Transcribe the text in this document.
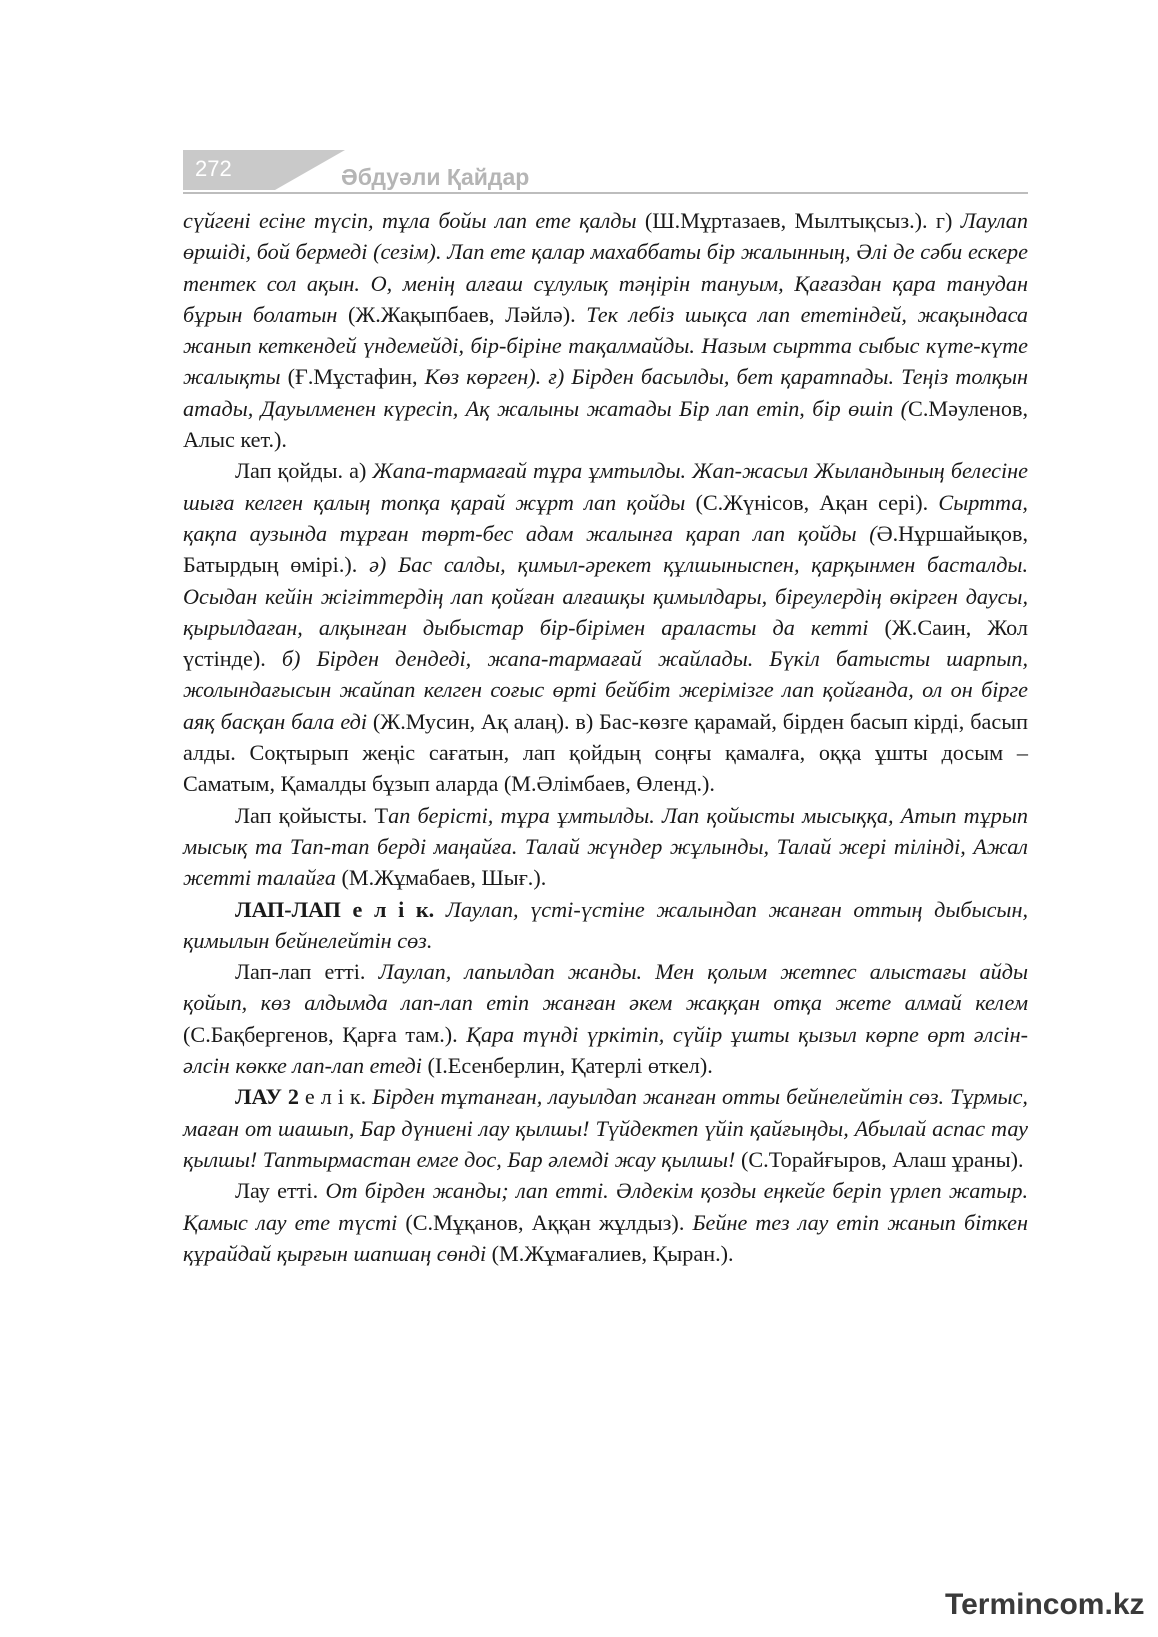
272	Әбдуәли Қайдар

сүйгені есіне түсіп, тұла бойы лап ете қалды (Ш.Мұртазаев, Мылтықсыз.). г) Лаулап өршіді, бой бермеді (сезім). Лап ете қалар махаббаты бір жалынның, Әлі де сәби ескере тентек сол ақын. О, менің алғаш сұлулық тәңірін тануым, Қағаздан қара танудан бұрын болатын (Ж.Жақыпбаев, Ләйлә). Тек лебіз шықса лап ететіндей, жақындаса жанып кеткендей үндемейді, бір-біріне тақалмайды. Назым сыртта сыбыс күте-күте жалықты (Ғ.Мұстафин, Көз көрген). ғ) Бірден басылды, бет қаратпады. Теңіз толқын атады, Дауылменен күресіп, Ақ жалыны жатады Бір лап етіп, бір өшіп (С.Мәуленов, Алыс кет.).

Лап қойды. а) Жапа-тармағай тұра ұмтылды. Жап-жасыл Жыландының белесіне шыға келген қалың топқа қарай жұрт лап қойды (С.Жүнісов, Ақан сері). Сыртта, қақпа аузында тұрған төрт-бес адам жалынға қарап лап қойды (Ә.Нұршайықов, Батырдың өмірі.). ә) Бас салды, қимыл-әрекет құлшыныспен, қарқынмен басталды. Осыдан кейін жігіттердің лап қойған алғашқы қимылдары, біреулердің өкірген даусы, қырылдаған, алқынған дыбыстар бір-бірімен араласты да кетті (Ж.Саин, Жол үстінде). б) Бірден дендеді, жапа-тармағай жайлады. Бүкіл батысты шарпып, жолындағысын жайпап келген соғыс өрті бейбіт жерімізге лап қойғанда, ол он бірге аяқ басқан бала еді (Ж.Мусин, Ақ алаң). в) Бас-көзге қарамай, бірден басып кірді, басып алды. Соқтырып жеңіс сағатын, лап қойдың соңғы қамалға, оққа ұшты досым – Саматым, Қамалды бұзып аларда (М.Әлімбаев, Өленд.).

Лап қойысты. Тап берісті, тұра ұмтылды. Лап қойысты мысыққа, Атып тұрып мысық та Тап-тап берді маңайға. Талай жүндер жұлынды, Талай жері тілінді, Ажал жетті талайға (М.Жұмабаев, Шығ.).

ЛАП-ЛАП е л і к. Лаулап, үсті-үстіне жалындап жанған оттың дыбысын, қимылын бейнелейтін сөз.

Лап-лап етті. Лаулап, лапылдап жанды. Мен қолым жетпес алыстағы айды қойып, көз алдымда лап-лап етіп жанған әкем жаққан отқа жете алмай келем (С.Бақбергенов, Қарға там.). Қара түнді үркітіп, сүйір ұшты қызыл көрпе өрт әлсін-әлсін көкке лап-лап етеді (І.Есенберлин, Қатерлі өткел).

ЛАУ 2 е л і к. Бірден тұтанған, лауылдап жанған отты бейнелейтін сөз. Тұрмыс, маған от шашып, Бар дүниені лау қылшы! Түйдектеп үйіп қайғыңды, Абылай аспас тау қылшы! Таптырмастан емге дос, Бар әлемді жау қылшы! (С.Торайғыров, Алаш ұраны).

Лау етті. От бірден жанды; лап етті. Әлдекім қозды еңкейе беріп үрлеп жатыр. Қамыс лау ете түсті (С.Мұқанов, Аққан жұлдыз). Бейне тез лау етіп жанып біткен құрайдай қырғын шапшаң сөнді (М.Жұмағалиев, Қыран.).

Termincom.kz
